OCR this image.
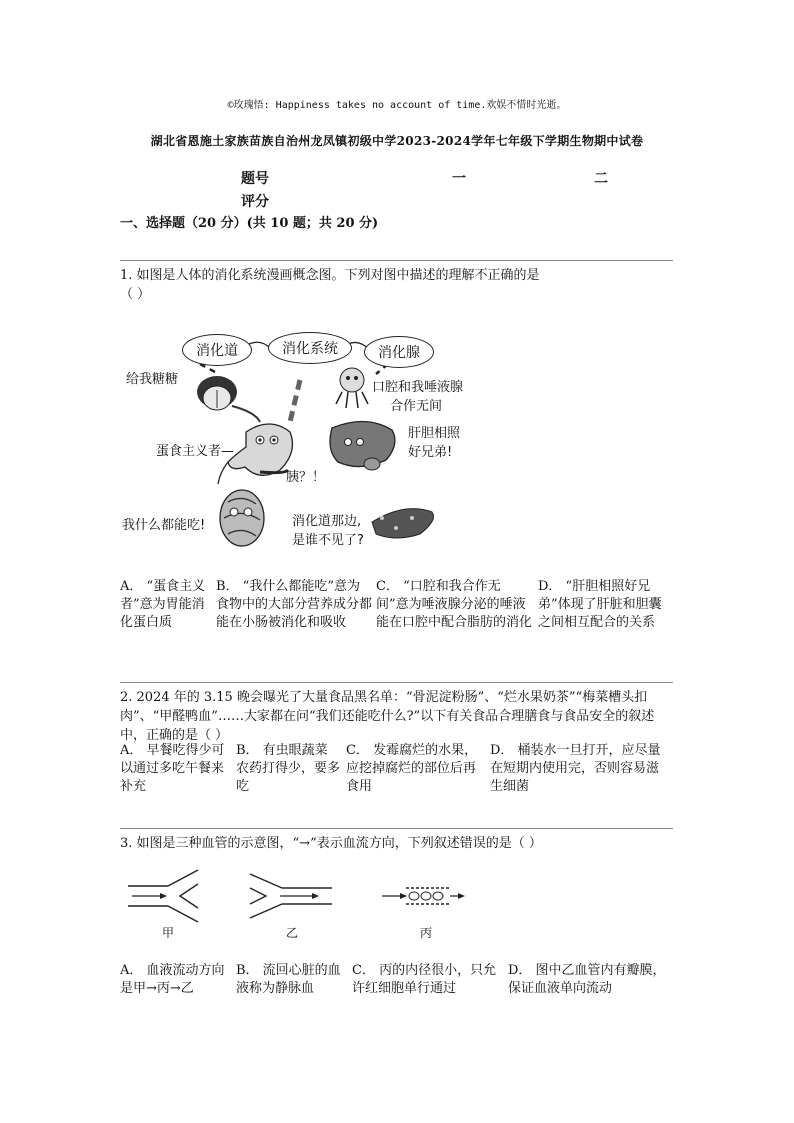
©玫瑰悟: Happiness takes no account of time.欢娱不惜时光逝。
湖北省恩施土家族苗族自治州龙凤镇初级中学2023-2024学年七年级下学期生物期中试卷
题号	一	二
评分
一、选择题（20 分）(共 10 题；共 20 分)
1. 如图是人体的消化系统漫画概念图。下列对图中描述的理解不正确的是
（ ）
消化道	消化系统	消化腺
给我糖糖
口腔和我唾液腺
合作无间
蛋食主义者—
肝胆相照
好兄弟!
胰？！
我什么都能吃!	消化道那边,
是谁不见了?
A． “蛋食主义者”意为胃能消化蛋白质
B． “我什么都能吃”意为食物中的大部分营养成分都能在小肠被消化和吸收
C． “口腔和我合作无间”意为唾液腺分泌的唾液能在口腔中配合脂肪的消化
D． “肝胆相照好兄弟”体现了肝脏和胆囊之间相互配合的关系
2. 2024 年的 3.15 晚会曝光了大量食品黑名单：“骨泥淀粉肠”、“烂水果奶茶”“梅菜槽头扣肉”、“甲醛鸭血”……大家都在问“我们还能吃什么?”以下有关食品合理膳食与食品安全的叙述中，正确的是（ ）
A． 早餐吃得少可以通过多吃午餐来补充
B． 有虫眼蔬菜农药打得少，要多吃
C． 发霉腐烂的水果，应挖掉腐烂的部位后再食用
D． 桶装水一旦打开，应尽量在短期内使用完，否则容易滋生细菌
3. 如图是三种血管的示意图，“→”表示血流方向，下列叙述错误的是（ ）
甲	乙	丙
A． 血液流动方向是甲→丙→乙
B． 流回心脏的血液称为静脉血
C． 丙的内径很小，只允许红细胞单行通过
D． 图中乙血管内有瓣膜，保证血液单向流动
